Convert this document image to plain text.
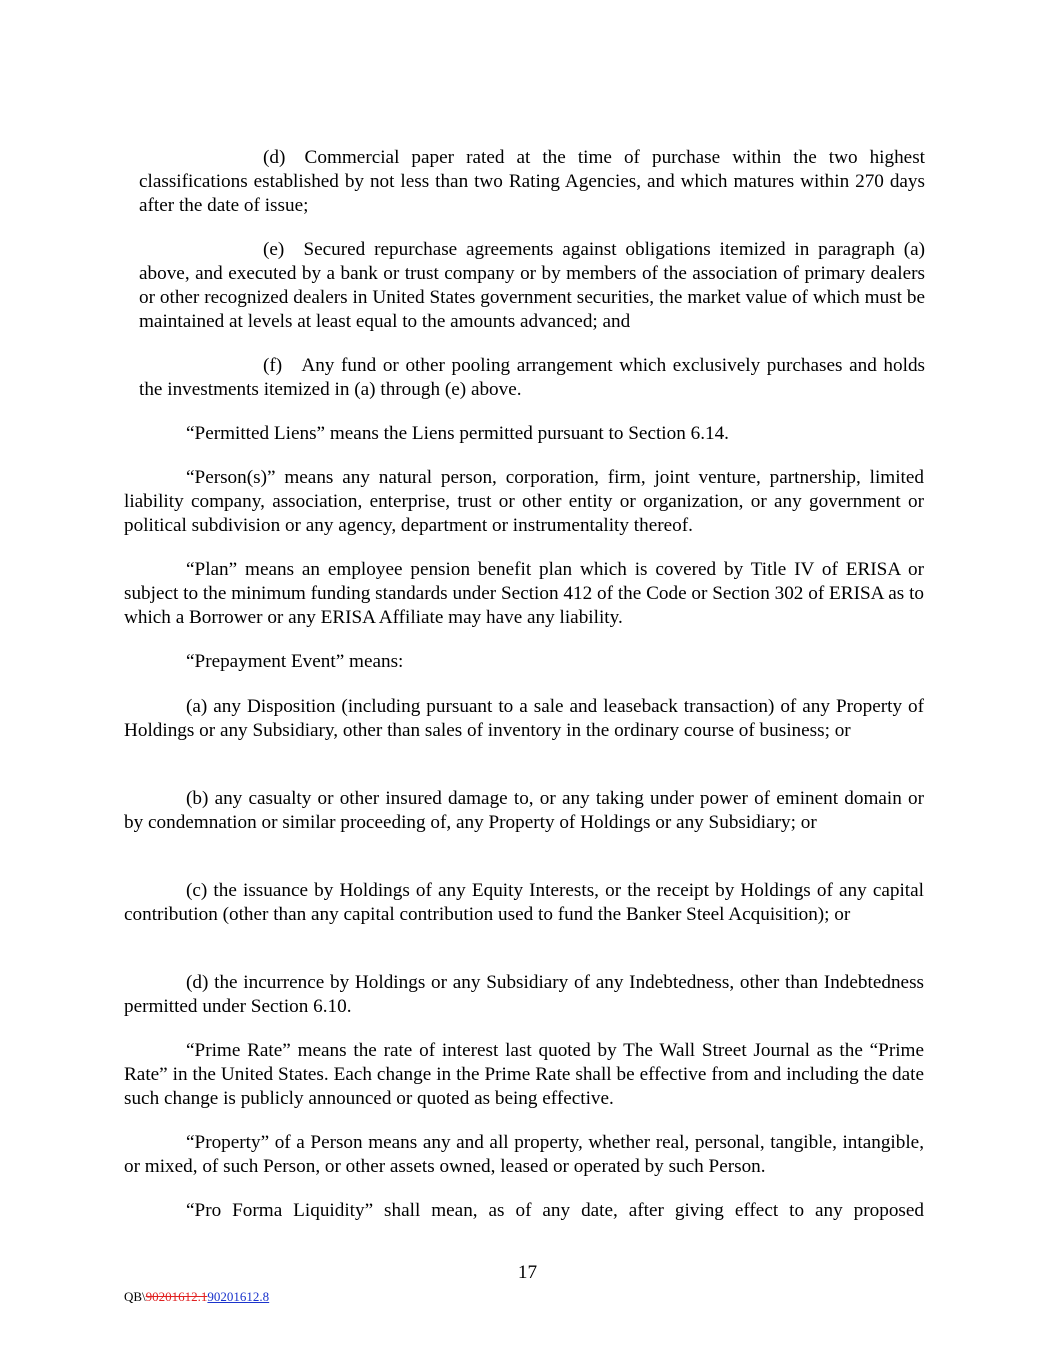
(d) Commercial paper rated at the time of purchase within the two highest classifications established by not less than two Rating Agencies, and which matures within 270 days after the date of issue;

(e) Secured repurchase agreements against obligations itemized in paragraph (a) above, and executed by a bank or trust company or by members of the association of primary dealers or other recognized dealers in United States government securities, the market value of which must be maintained at levels at least equal to the amounts advanced; and

(f) Any fund or other pooling arrangement which exclusively purchases and holds the investments itemized in (a) through (e) above.

“Permitted Liens” means the Liens permitted pursuant to Section 6.14.

“Person(s)” means any natural person, corporation, firm, joint venture, partnership, limited liability company, association, enterprise, trust or other entity or organization, or any government or political subdivision or any agency, department or instrumentality thereof.

“Plan” means an employee pension benefit plan which is covered by Title IV of ERISA or subject to the minimum funding standards under Section 412 of the Code or Section 302 of ERISA as to which a Borrower or any ERISA Affiliate may have any liability.

“Prepayment Event” means:

(a) any Disposition (including pursuant to a sale and leaseback transaction) of any Property of Holdings or any Subsidiary, other than sales of inventory in the ordinary course of business; or

(b) any casualty or other insured damage to, or any taking under power of eminent domain or by condemnation or similar proceeding of, any Property of Holdings or any Subsidiary; or

(c) the issuance by Holdings of any Equity Interests, or the receipt by Holdings of any capital contribution (other than any capital contribution used to fund the Banker Steel Acquisition); or

(d) the incurrence by Holdings or any Subsidiary of any Indebtedness, other than Indebtedness permitted under Section 6.10.

“Prime Rate” means the rate of interest last quoted by The Wall Street Journal as the “Prime Rate” in the United States. Each change in the Prime Rate shall be effective from and including the date such change is publicly announced or quoted as being effective.

“Property” of a Person means any and all property, whether real, personal, tangible, intangible, or mixed, of such Person, or other assets owned, leased or operated by such Person.

“Pro Forma Liquidity” shall mean, as of any date, after giving effect to any proposed

17
QB\90201612.190201612.8
